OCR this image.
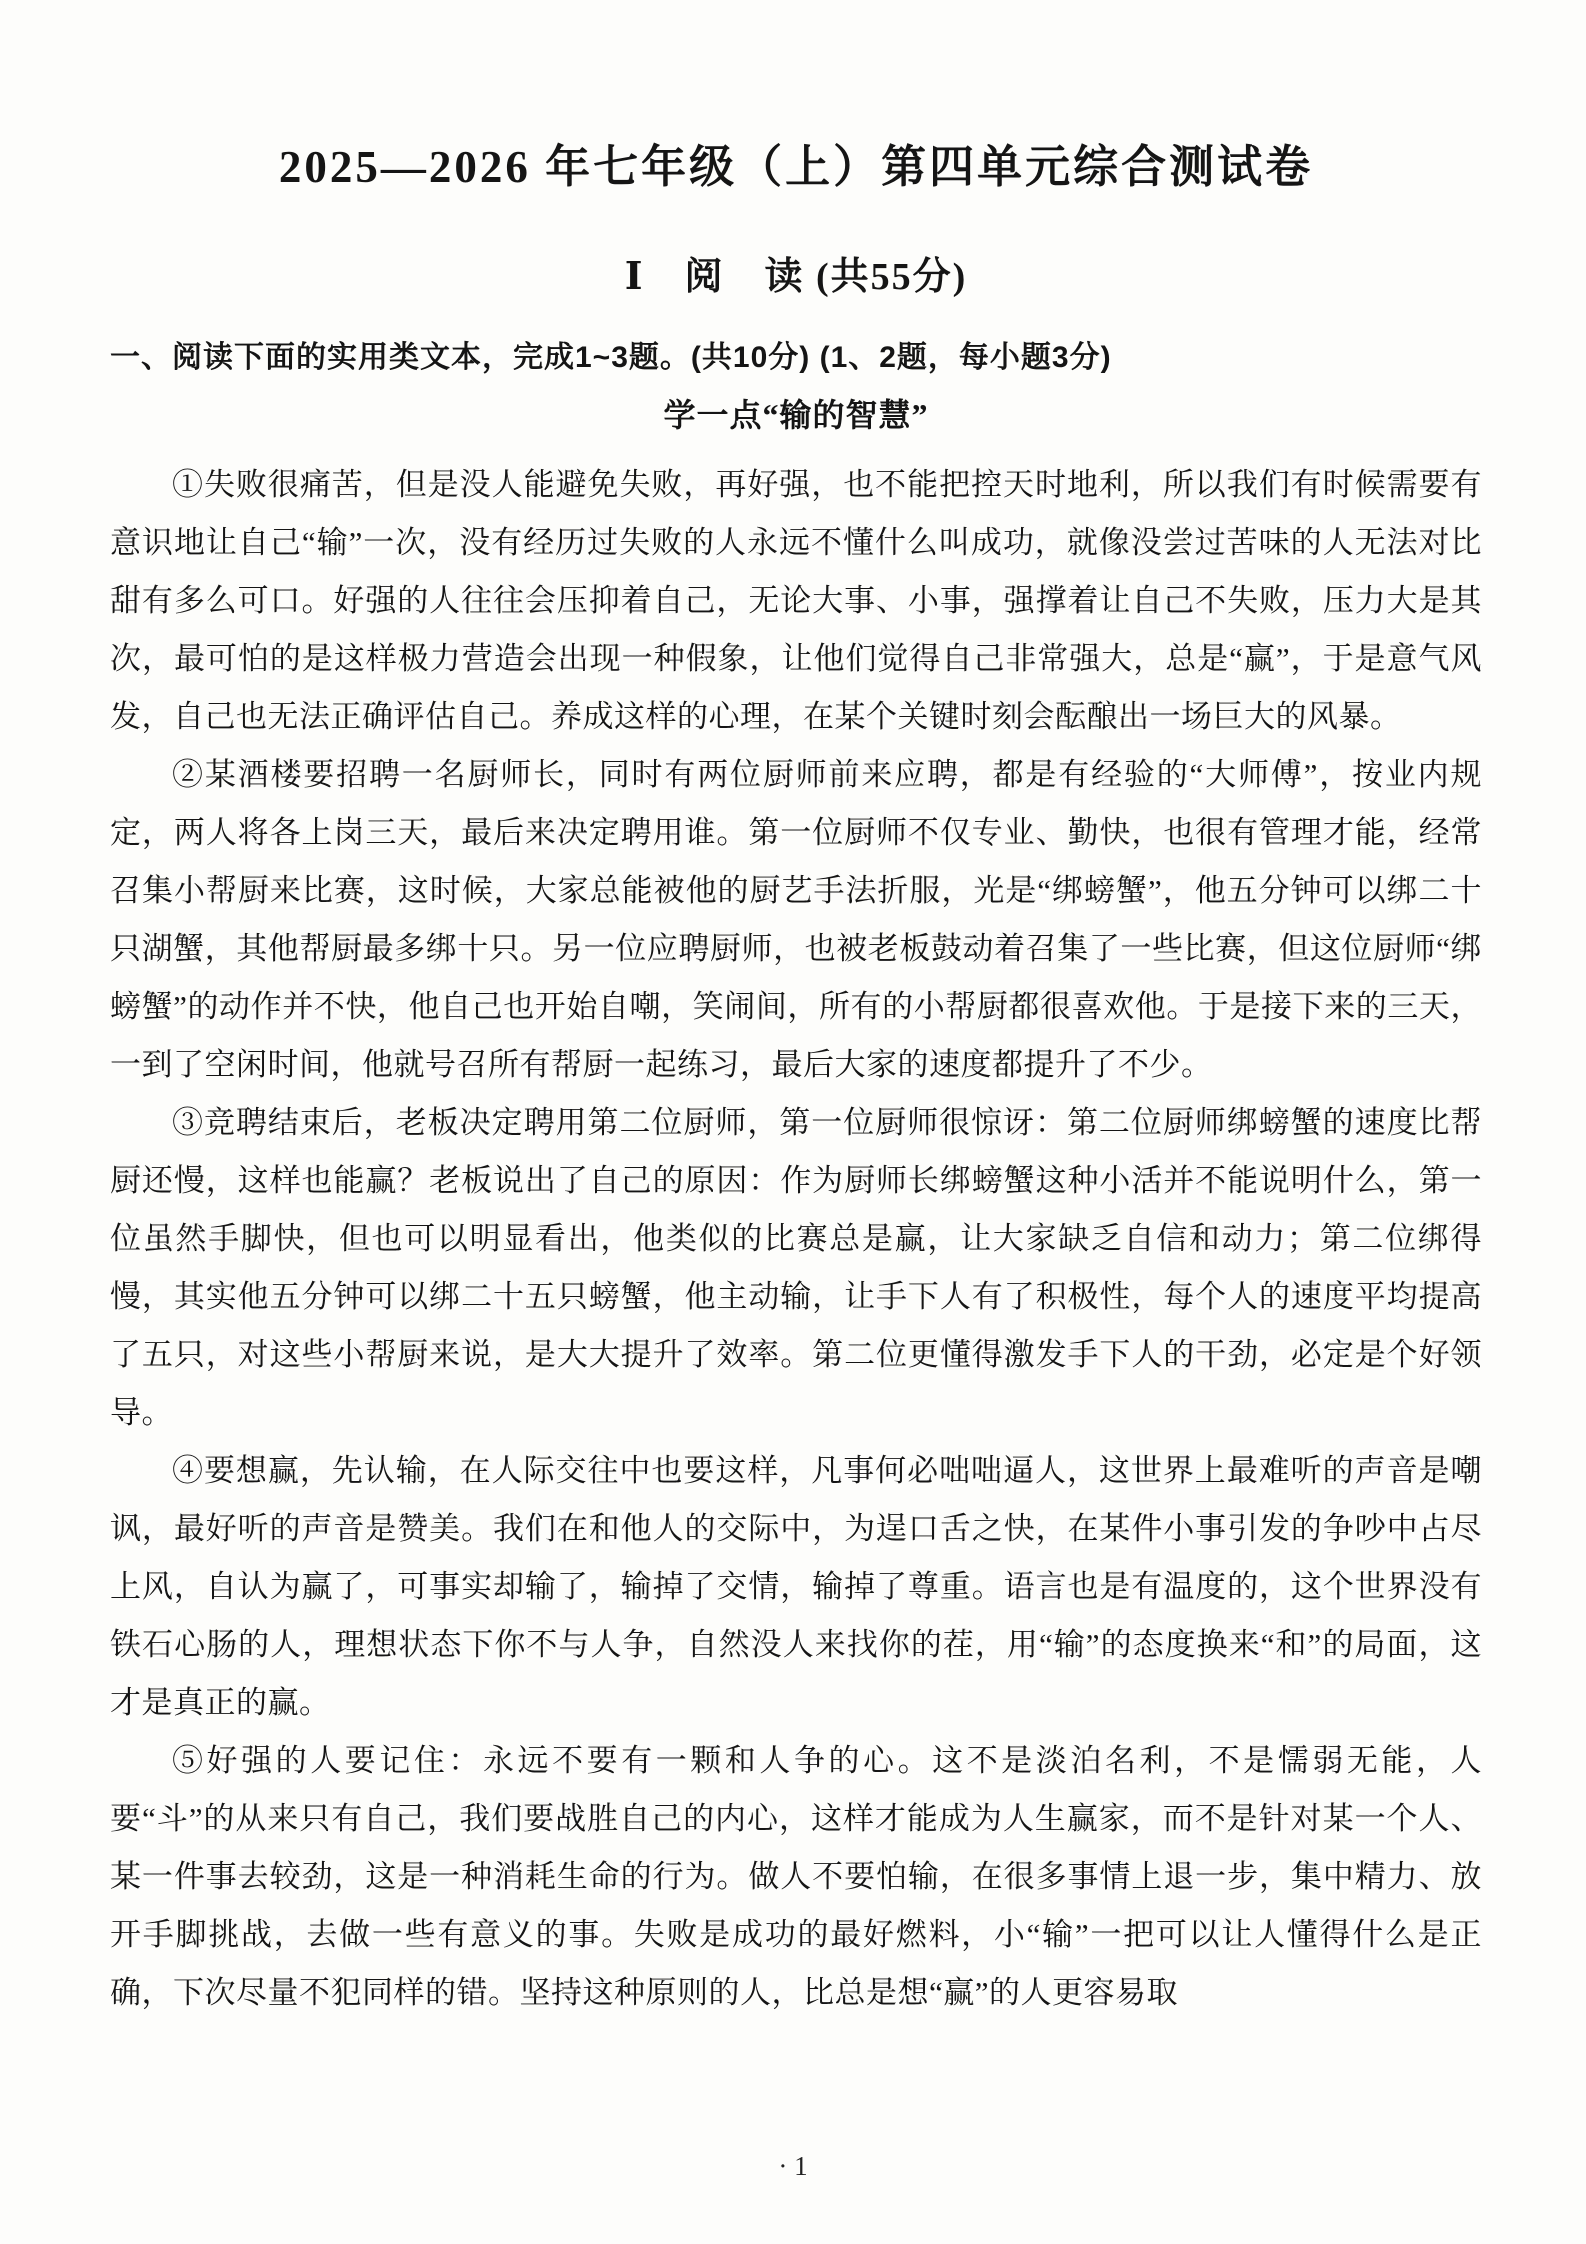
2025—2026 年七年级（上）第四单元综合测试卷
Ⅰ　阅　读 (共55分)
一、阅读下面的实用类文本，完成1~3题。(共10分) (1、2题，每小题3分)
学一点“输的智慧”

①失败很痛苦，但是没人能避免失败，再好强，也不能把控天时地利，所以我们有时候需要有意识地让自己“输”一次，没有经历过失败的人永远不懂什么叫成功，就像没尝过苦味的人无法对比甜有多么可口。好强的人往往会压抑着自己，无论大事、小事，强撑着让自己不失败，压力大是其次，最可怕的是这样极力营造会出现一种假象，让他们觉得自己非常强大，总是“赢”，于是意气风发，自己也无法正确评估自己。养成这样的心理，在某个关键时刻会酝酿出一场巨大的风暴。

②某酒楼要招聘一名厨师长，同时有两位厨师前来应聘，都是有经验的“大师傅”，按业内规定，两人将各上岗三天，最后来决定聘用谁。第一位厨师不仅专业、勤快，也很有管理才能，经常召集小帮厨来比赛，这时候，大家总能被他的厨艺手法折服，光是“绑螃蟹”，他五分钟可以绑二十只湖蟹，其他帮厨最多绑十只。另一位应聘厨师，也被老板鼓动着召集了一些比赛，但这位厨师“绑螃蟹”的动作并不快，他自己也开始自嘲，笑闹间，所有的小帮厨都很喜欢他。于是接下来的三天，一到了空闲时间，他就号召所有帮厨一起练习，最后大家的速度都提升了不少。

③竞聘结束后，老板决定聘用第二位厨师，第一位厨师很惊讶：第二位厨师绑螃蟹的速度比帮厨还慢，这样也能赢？老板说出了自己的原因：作为厨师长绑螃蟹这种小活并不能说明什么，第一位虽然手脚快，但也可以明显看出，他类似的比赛总是赢，让大家缺乏自信和动力；第二位绑得慢，其实他五分钟可以绑二十五只螃蟹，他主动输，让手下人有了积极性，每个人的速度平均提高了五只，对这些小帮厨来说，是大大提升了效率。第二位更懂得激发手下人的干劲，必定是个好领导。

④要想赢，先认输，在人际交往中也要这样，凡事何必咄咄逼人，这世界上最难听的声音是嘲讽，最好听的声音是赞美。我们在和他人的交际中，为逞口舌之快，在某件小事引发的争吵中占尽上风，自认为赢了，可事实却输了，输掉了交情，输掉了尊重。语言也是有温度的，这个世界没有铁石心肠的人，理想状态下你不与人争，自然没人来找你的茬，用“输”的态度换来“和”的局面，这才是真正的赢。

⑤好强的人要记住：永远不要有一颗和人争的心。这不是淡泊名利，不是懦弱无能，人要“斗”的从来只有自己，我们要战胜自己的内心，这样才能成为人生赢家，而不是针对某一个人、某一件事去较劲，这是一种消耗生命的行为。做人不要怕输，在很多事情上退一步，集中精力、放开手脚挑战，去做一些有意义的事。失败是成功的最好燃料，小“输”一把可以让人懂得什么是正确，下次尽量不犯同样的错。坚持这种原则的人，比总是想“赢”的人更容易取

· 1
